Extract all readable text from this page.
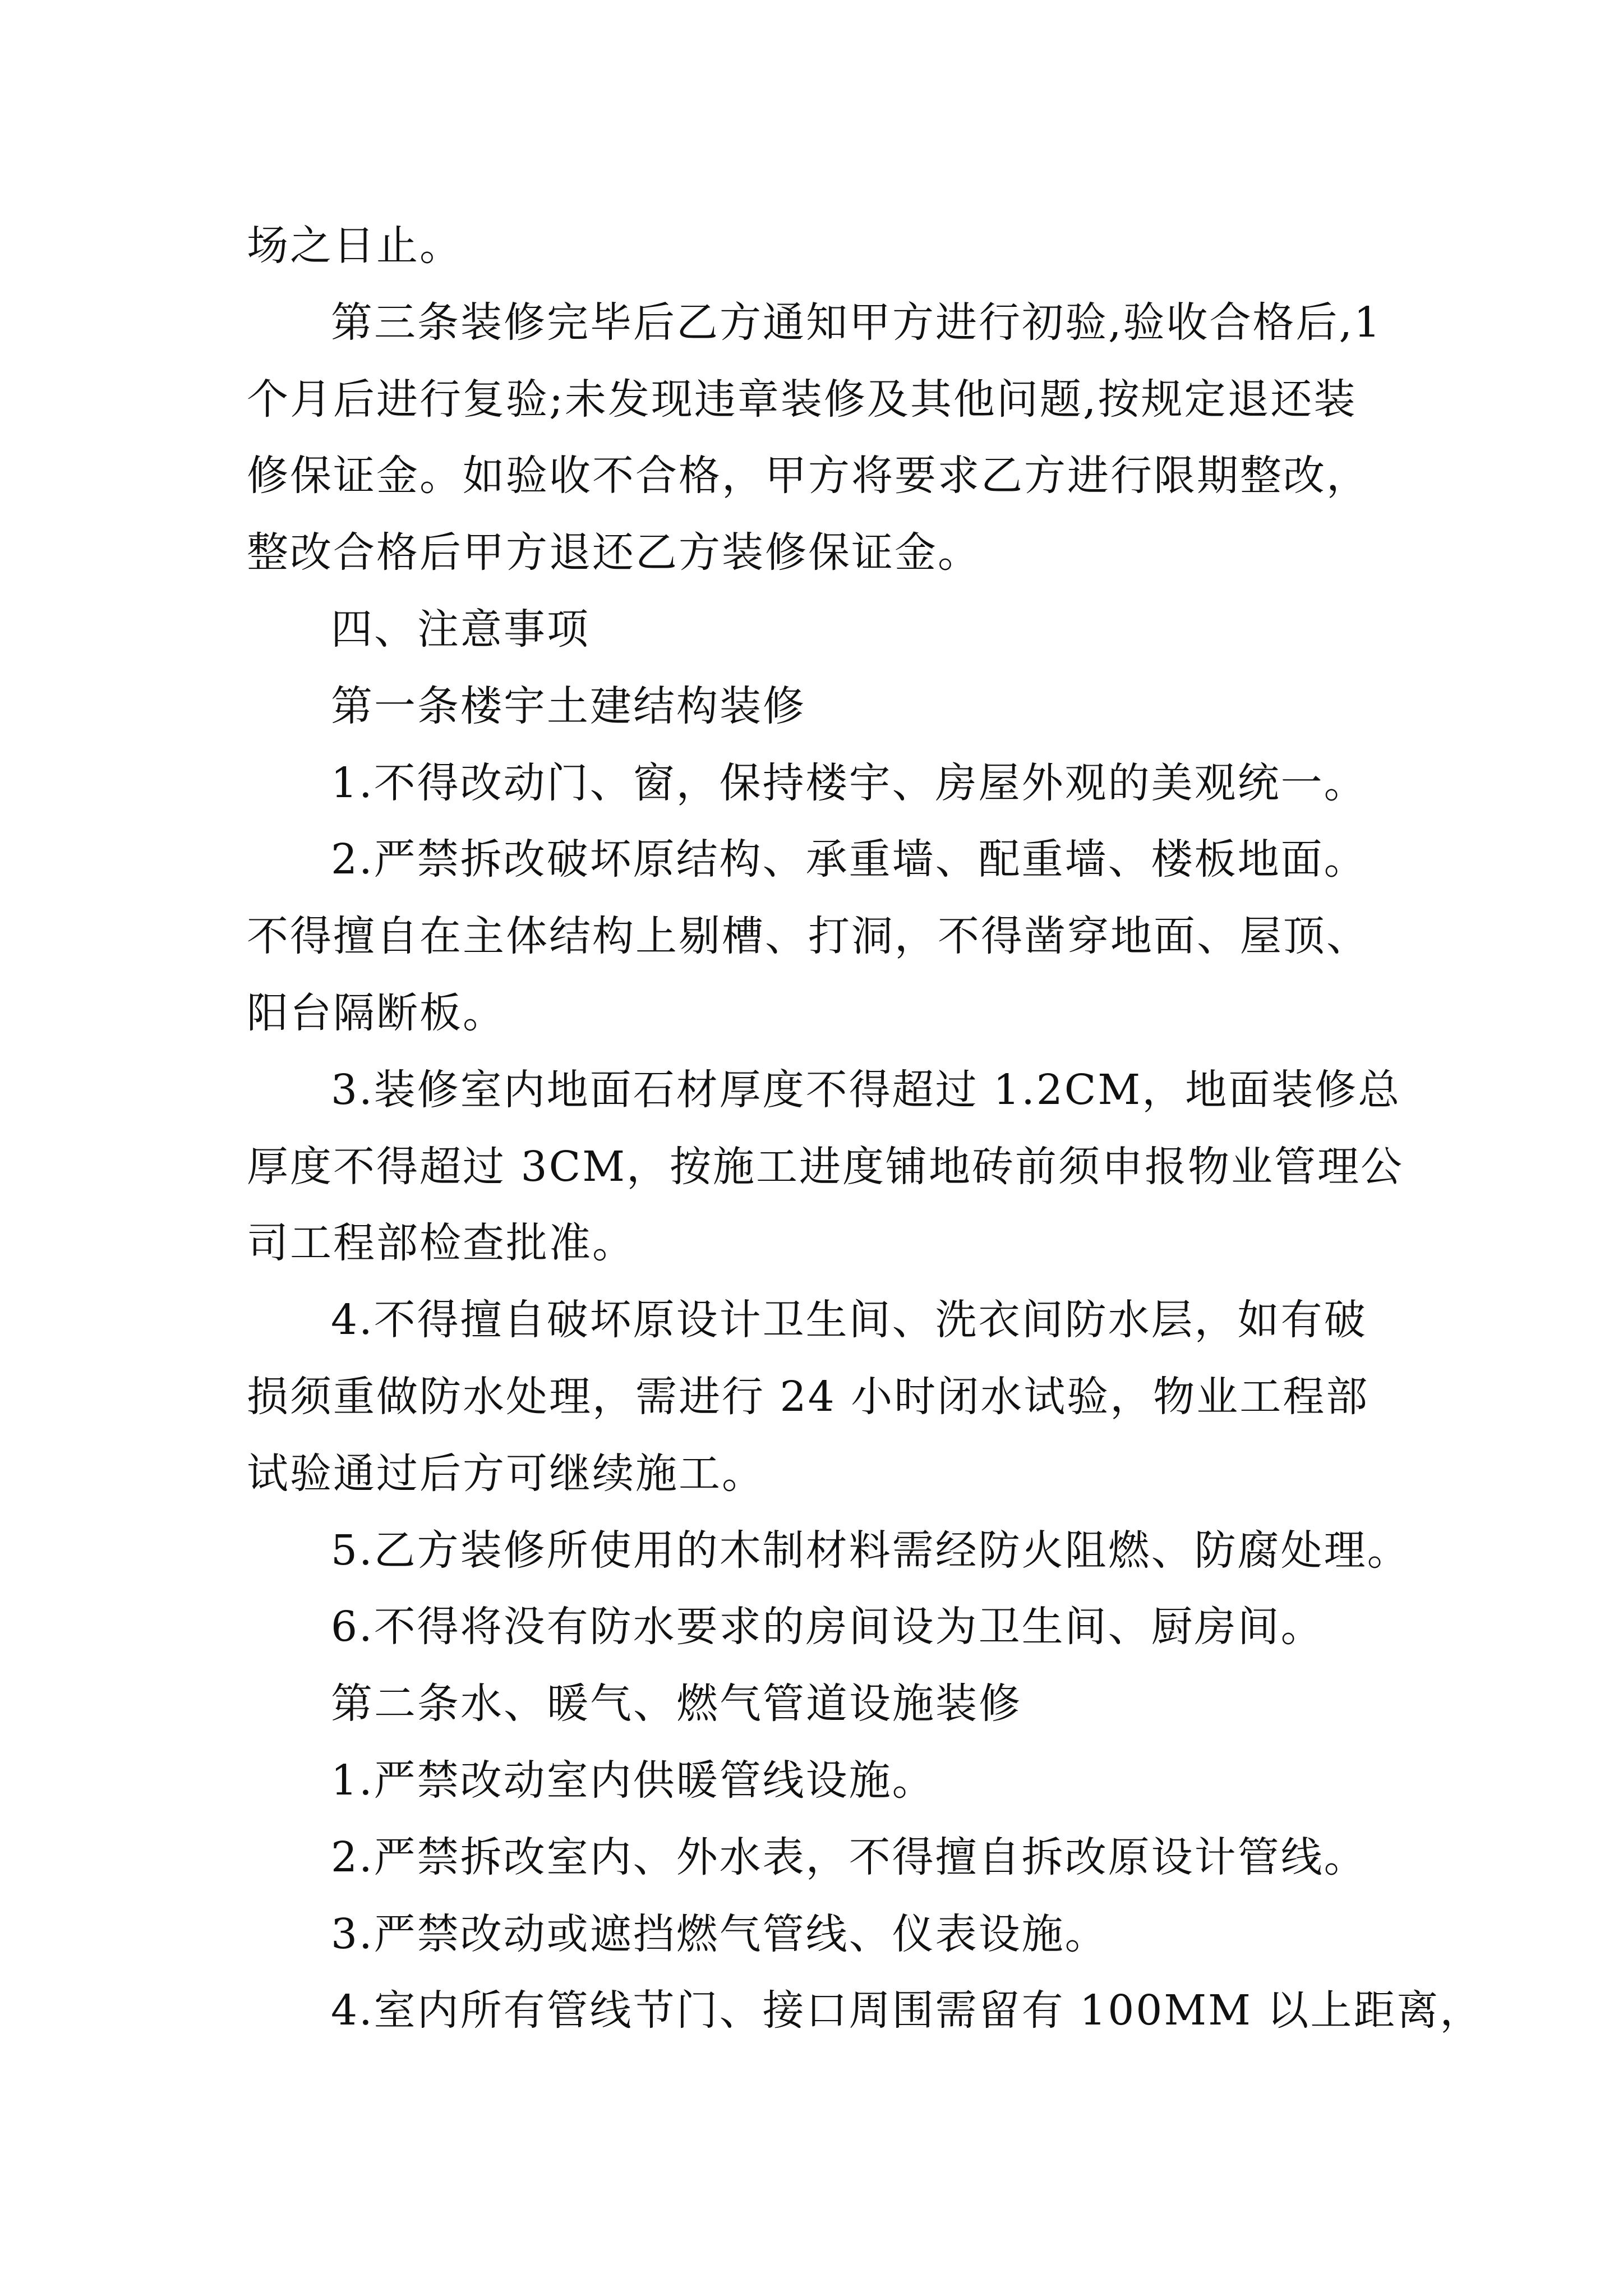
场之日止。
第三条装修完毕后乙方通知甲方进行初验,验收合格后,1
个月后进行复验;未发现违章装修及其他问题,按规定退还装
修保证金。如验收不合格，甲方将要求乙方进行限期整改，
整改合格后甲方退还乙方装修保证金。
四、注意事项
第一条楼宇土建结构装修
1.不得改动门、窗，保持楼宇、房屋外观的美观统一。
2.严禁拆改破坏原结构、承重墙、配重墙、楼板地面。
不得擅自在主体结构上剔槽、打洞，不得凿穿地面、屋顶、
阳台隔断板。
3.装修室内地面石材厚度不得超过 1.2CM，地面装修总
厚度不得超过 3CM，按施工进度铺地砖前须申报物业管理公
司工程部检查批准。
4.不得擅自破坏原设计卫生间、洗衣间防水层，如有破
损须重做防水处理，需进行 24 小时闭水试验，物业工程部
试验通过后方可继续施工。
5.乙方装修所使用的木制材料需经防火阻燃、防腐处理。
6.不得将没有防水要求的房间设为卫生间、厨房间。
第二条水、暖气、燃气管道设施装修
1.严禁改动室内供暖管线设施。
2.严禁拆改室内、外水表，不得擅自拆改原设计管线。
3.严禁改动或遮挡燃气管线、仪表设施。
4.室内所有管线节门、接口周围需留有 100MM 以上距离，
